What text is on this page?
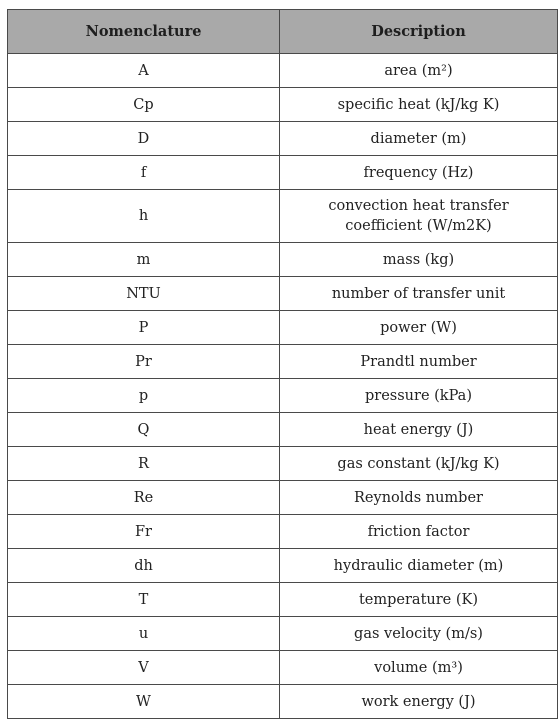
Nomenclature	Description
A	area (m²)
Cp	specific heat (kJ/kg K)
D	diameter (m)
f	frequency (Hz)
h	convection heat transfer coefficient (W/m2K)
m	mass (kg)
NTU	number of transfer unit
P	power (W)
Pr	Prandtl number
p	pressure (kPa)
Q	heat energy (J)
R	gas constant (kJ/kg K)
Re	Reynolds number
Fr	friction factor
dh	hydraulic diameter (m)
T	temperature (K)
u	gas velocity (m/s)
V	volume (m³)
W	work energy (J)
